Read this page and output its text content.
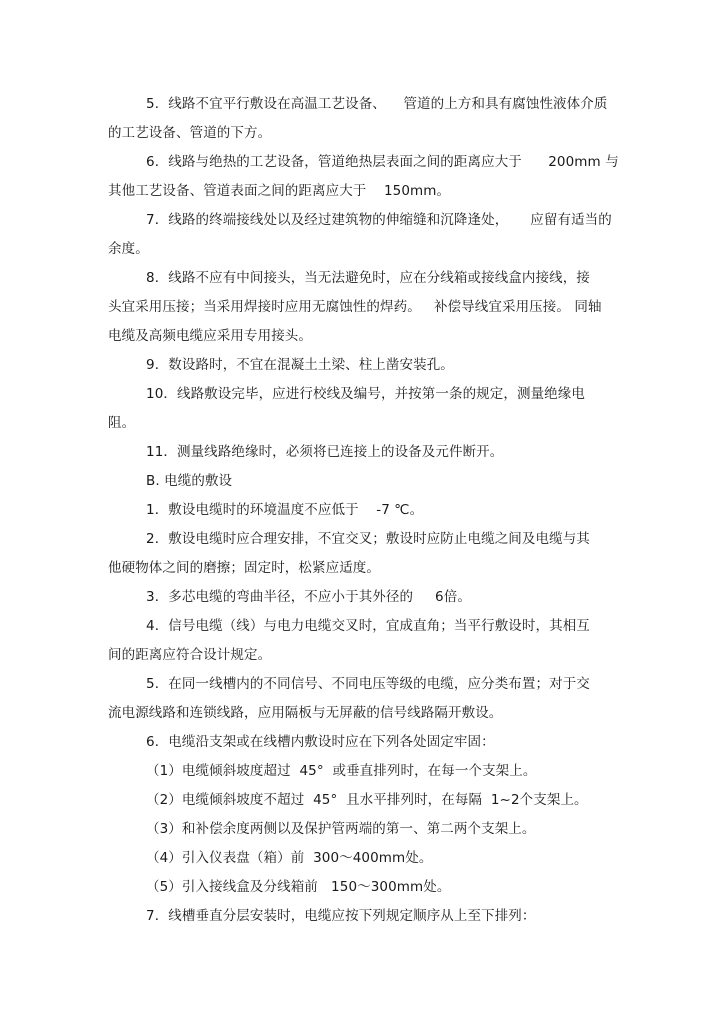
5．线路不宜平行敷设在高温工艺设备、    管道的上方和具有腐蚀性液体介质
的工艺设备、管道的下方。
6．线路与绝热的工艺设备，管道绝热层表面之间的距离应大于      200mm 与
其他工艺设备、管道表面之间的距离应大于    150mm。
7．线路的终端接线处以及经过建筑物的伸缩缝和沉降逢处，     应留有适当的
余度。
8．线路不应有中间接头，当无法避免时，应在分线箱或接线盒内接线，接
头宜采用压接；当采用焊接时应用无腐蚀性的焊药。   补偿导线宜采用压接。 同轴
电缆及高频电缆应采用专用接头。
9．数设路时，不宜在混凝土土梁、柱上凿安装孔。
10．线路敷设完毕，应进行校线及编号，并按第一条的规定，测量绝缘电
阻。
11．测量线路绝缘时，必须将已连接上的设备及元件断开。
B. 电缆的敷设
1．敷设电缆时的环境温度不应低于    -7 ℃。
2．敷设电缆时应合理安排，不宜交叉；敷设时应防止电缆之间及电缆与其
他硬物体之间的磨擦；固定时，松紧应适度。
3．多芯电缆的弯曲半径，不应小于其外径的     6倍。
4．信号电缆（线）与电力电缆交叉时，宜成直角；当平行敷设时，其相互
间的距离应符合设计规定。
5．在同一线槽内的不同信号、不同电压等级的电缆，应分类布置；对于交
流电源线路和连锁线路，应用隔板与无屏蔽的信号线路隔开敷设。
6．电缆沿支架或在线槽内敷设时应在下列各处固定牢固：
（1）电缆倾斜坡度超过  45°  或垂直排列时，在每一个支架上。
（2）电缆倾斜坡度不超过  45°  且水平排列时，在每隔  1~2个支架上。
（3）和补偿余度两侧以及保护管两端的第一、第二两个支架上。
（4）引入仪表盘（箱）前  300～400mm处。
（5）引入接线盒及分线箱前   150～300mm处。
7．线槽垂直分层安装时，电缆应按下列规定顺序从上至下排列：
